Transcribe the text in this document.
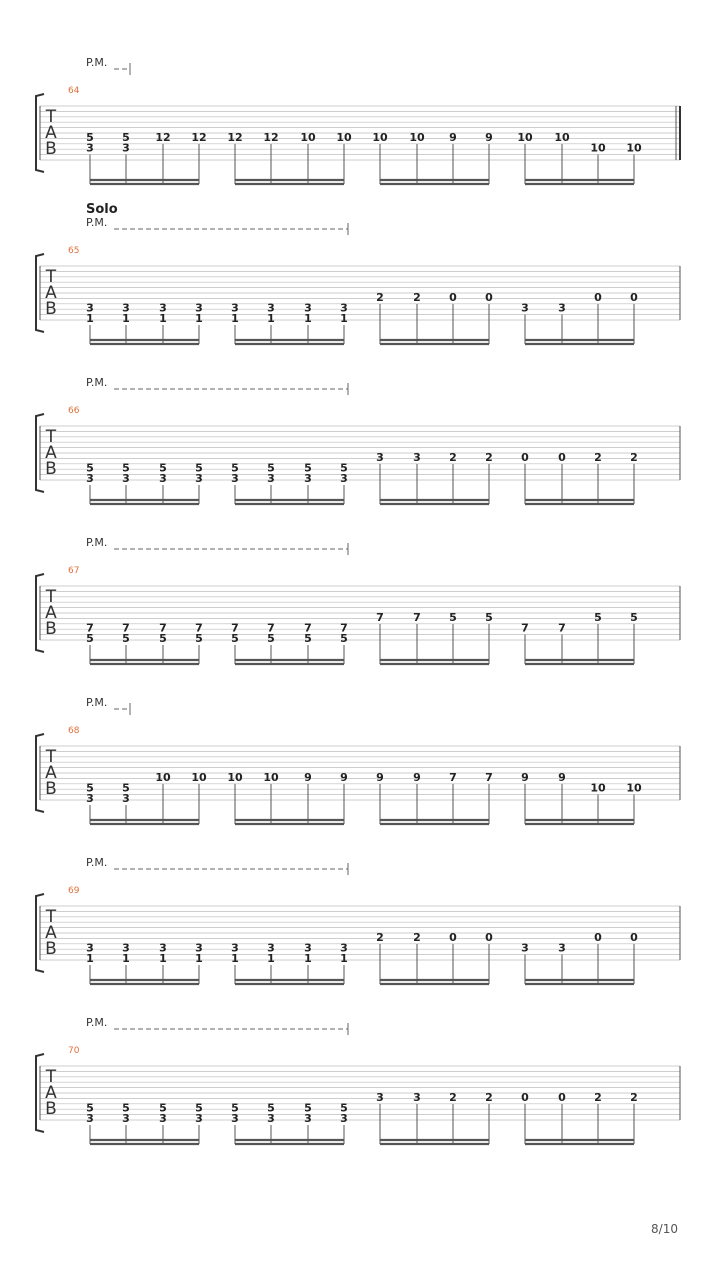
T
A
B
64
P.M.
5
3
5
3
12 12 12 12 10 10 10 10 9	9 10 10
10 10
T
A
B
65
Solo
P.M.
3
1
3
1
3
1
3
1
3
1
3
1
3
1
3
1
2	2	0	0
3	3
0	0
T
A
B
66
P.M.
5
3
5
3
5
3
5
3
5
3
5
3
5
3
5
3
3	3	2	2	0	0	2	2
T
A
B
67
P.M.
7
5
7
5
7
5
7
5
7
5
7
5
7
5
7
5
7	7	5	5
7	7
5	5
T
A
B
68
P.M.
5
3
5
3
10 10 10 10 9	9	9	9	7	7	9	9
10 10
T
A
B
69
P.M.
3
1
3
1
3
1
3
1
3
1
3
1
3
1
3
1
2	2	0	0
3	3
0	0
T
A
B
70
P.M.
5
3
5
3
5
3
5
3
5
3
5
3
5
3
5
3
3	3	2	2	0	0	2	2
8/10
